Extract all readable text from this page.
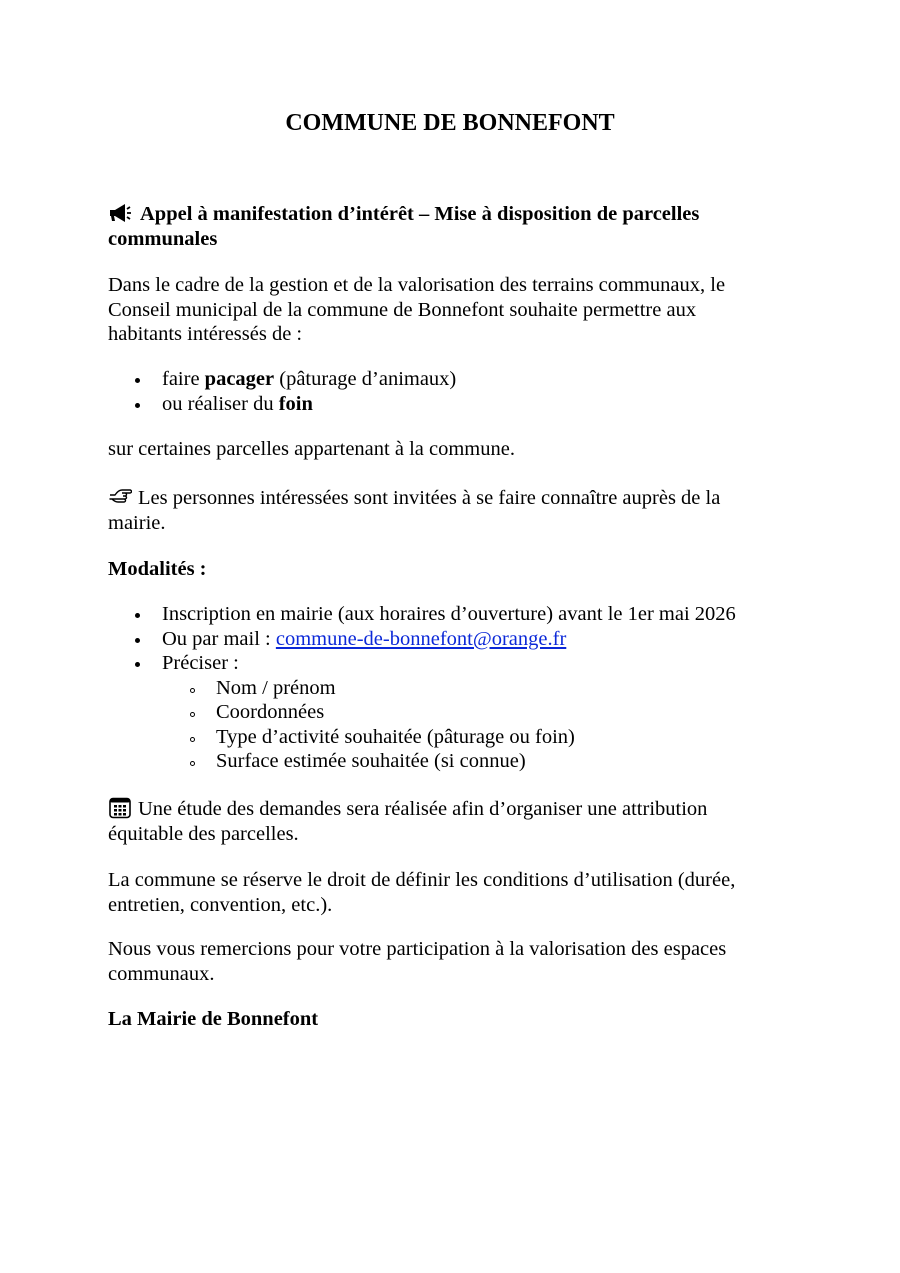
COMMUNE DE BONNEFONT

Appel à manifestation d’intérêt – Mise à disposition de parcelles communales

Dans le cadre de la gestion et de la valorisation des terrains communaux, le Conseil municipal de la commune de Bonnefont souhaite permettre aux habitants intéressés de :

faire pacager (pâturage d’animaux)
ou réaliser du foin

sur certaines parcelles appartenant à la commune.

Les personnes intéressées sont invitées à se faire connaître auprès de la mairie.

Modalités :

Inscription en mairie (aux horaires d’ouverture) avant le 1er mai 2026
Ou par mail : commune-de-bonnefont@orange.fr
Préciser :
Nom / prénom
Coordonnées
Type d’activité souhaitée (pâturage ou foin)
Surface estimée souhaitée (si connue)

Une étude des demandes sera réalisée afin d’organiser une attribution équitable des parcelles.

La commune se réserve le droit de définir les conditions d’utilisation (durée, entretien, convention, etc.).

Nous vous remercions pour votre participation à la valorisation des espaces communaux.

La Mairie de Bonnefont
